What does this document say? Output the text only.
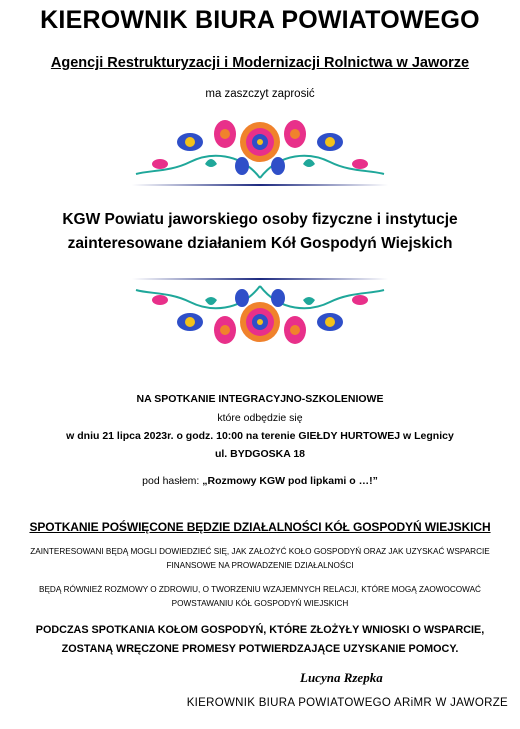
KIEROWNIK BIURA POWIATOWEGO
Agencji Restrukturyzacji i Modernizacji Rolnictwa w Jaworze
ma zaszczyt zaprosić
KGW Powiatu jaworskiego osoby fizyczne i instytucje
zainteresowane działaniem Kół Gospodyń Wiejskich
NA SPOTKANIE INTEGRACYJNO-SZKOLENIOWE
które odbędzie się
w dniu 21 lipca 2023r. o godz. 10:00 na terenie GIEŁDY HURTOWEJ w Legnicy
ul. BYDGOSKA 18
pod hasłem: „Rozmowy KGW pod lipkami o …!”
SPOTKANIE POŚWIĘCONE BĘDZIE DZIAŁALNOŚCI KÓŁ GOSPODYŃ WIEJSKICH
ZAINTERESOWANI BĘDĄ MOGLI DOWIEDZIEĆ SIĘ, JAK ZAŁOŻYĆ KOŁO GOSPODYŃ ORAZ JAK UZYSKAĆ WSPARCIE
FINANSOWE NA PROWADZENIE DZIAŁALNOŚCI
BĘDĄ RÓWNIEŻ ROZMOWY O ZDROWIU, O TWORZENIU WZAJEMNYCH RELACJI, KTÓRE MOGĄ ZAOWOCOWAĆ
POWSTAWANIU KÓŁ GOSPODYŃ WIEJSKICH
PODCZAS SPOTKANIA KOŁOM GOSPODYŃ, KTÓRE ZŁOŻYŁY WNIOSKI O WSPARCIE,
ZOSTANĄ WRĘCZONE PROMESY POTWIERDZAJĄCE UZYSKANIE POMOCY.
Lucyna Rzepka
KIEROWNIK BIURA POWIATOWEGO ARiMR W JAWORZE
